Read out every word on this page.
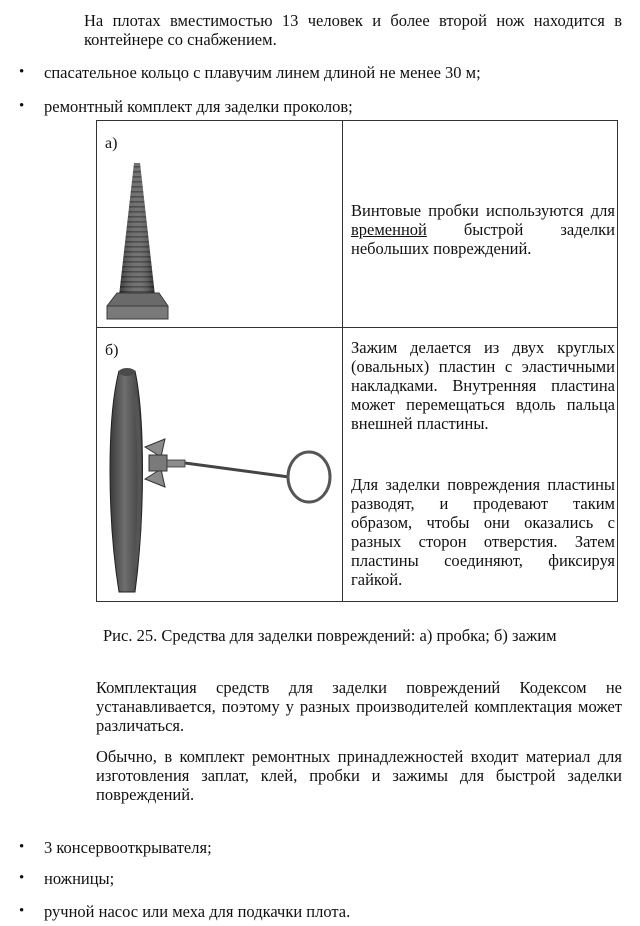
На плотах вместимостью 13 человек и более второй нож находится в контейнере со снабжением.

• спасательное кольцо с плавучим линем длиной не менее 30 м;
• ремонтный комплект для заделки проколов;
а)

Винтовые пробки используются для временной быстрой заделки небольших повреждений.

б)	Зажим делается из двух круглых (овальных) пластин с эластичными накладками. Внутренняя пластина может перемещаться вдоль пальца внешней пластины.

Для заделки повреждения пластины разводят, и продевают таким образом, чтобы они оказались с разных сторон отверстия. Затем пластины соединяют, фиксируя гайкой.

Рис. 25. Средства для заделки повреждений: а) пробка; б) зажим

Комплектация средств для заделки повреждений Кодексом не устанавливается, поэтому у разных производителей комплектация может различаться.

Обычно, в комплект ремонтных принадлежностей входит материал для изготовления заплат, клей, пробки и зажимы для быстрой заделки повреждений.

• 3 консервооткрывателя;
• ножницы;
• ручной насос или меха для подкачки плота.
